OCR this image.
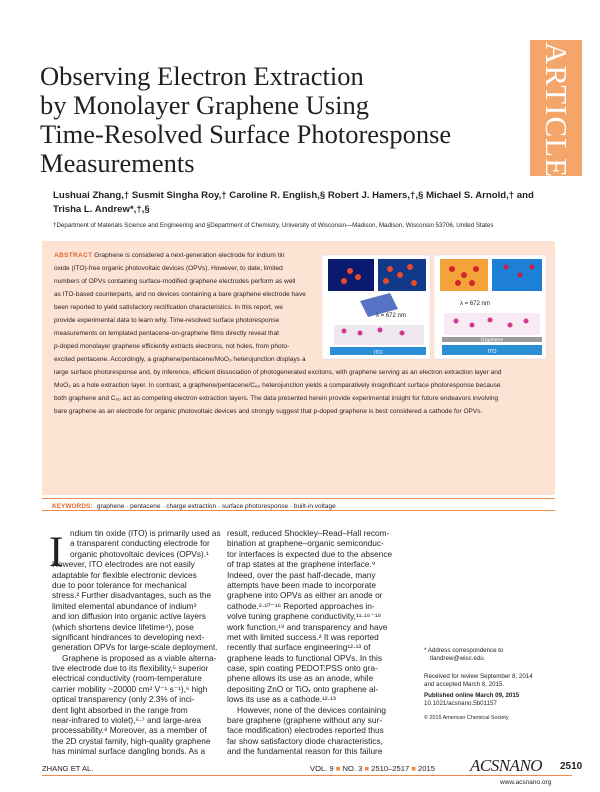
ARTICLE
Observing Electron Extraction
by Monolayer Graphene Using
Time-Resolved Surface Photoresponse
Measurements
Lushuai Zhang,† Susmit Singha Roy,† Caroline R. English,§ Robert J. Hamers,†,§ Michael S. Arnold,† and
Trisha L. Andrew*,†,§
†Department of Materials Science and Engineering and §Department of Chemistry, University of Wisconsin—Madison, Madison, Wisconsin 53706, United States
ABSTRACT Graphene is considered a next-generation electrode for indium tin
oxide (ITO)-free organic photovoltaic devices (OPVs). However, to date, limited
numbers of OPVs containing surface-modified graphene electrodes perform as well
as ITO-based counterparts, and no devices containing a bare graphene electrode have
been reported to yield satisfactory rectification characteristics. In this report, we
provide experimental data to learn why. Time-resolved surface photoresponse
measurements on templated pentacene-on-graphene films directly reveal that
p-doped monolayer graphene efficiently extracts electrons, not holes, from photo-
excited pentacene. Accordingly, a graphene/pentacene/MoO₃ heterojunction displays a
large surface photoresponse and, by inference, efficient dissociation of photogenerated excitons, with graphene serving as an electron extraction layer and
MoO₃ as a hole extraction layer. In contrast, a graphene/pentacene/C₆₀ heterojunction yields a comparatively insignificant surface photoresponse because
both graphene and C₆₀ act as competing electron extraction layers. The data presented herein provide experimental insight for future endeavors involving
bare graphene as an electrode for organic photovoltaic devices and strongly suggest that p-doped graphene is best considered a cathode for OPVs.
λ = 672 nm
ITO
λ = 672 nm
Graphene
ITO
KEYWORDS: graphene · pentacene · charge extraction · surface photoresponse · built-in voltage
I ndium tin oxide (ITO) is primarily used as
a transparent conducting electrode for
organic photovoltaic devices (OPVs).¹
However, ITO electrodes are not easily
adaptable for flexible electronic devices
due to poor tolerance for mechanical
stress.² Further disadvantages, such as the
limited elemental abundance of indium³
and ion diffusion into organic active layers
(which shortens device lifetime⁴), pose
significant hindrances to developing next-
generation OPVs for large-scale deployment.
Graphene is proposed as a viable alterna-
tive electrode due to its flexibility,⁵ superior
electrical conductivity (room-temperature
carrier mobility ~20000 cm² V⁻¹ s⁻¹),⁶ high
optical transparency (only 2.3% of inci-
dent light absorbed in the range from
near-infrared to violet),⁵·⁷ and large-area
processability.⁸ Moreover, as a member of
the 2D crystal family, high-quality graphene
has minimal surface dangling bonds. As a
result, reduced Shockley–Read–Hall recom-
bination at graphene–organic semiconduc-
tor interfaces is expected due to the absence
of trap states at the graphene interface.⁹
Indeed, over the past half-decade, many
attempts have been made to incorporate
graphene into OPVs as either an anode or
cathode.²·¹⁰⁻¹⁶ Reported approaches in-
volve tuning graphene conductivity,¹¹·¹⁶⁻¹⁸
work function,¹⁹ and transparency and have
met with limited success.² It was reported
recently that surface engineering¹²·¹³ of
graphene leads to functional OPVs. In this
case, spin coating PEDOT:PSS onto gra-
phene allows its use as an anode, while
depositing ZnO or TiOₓ onto graphene al-
lows its use as a cathode.¹²·¹³
However, none of the devices containing
bare graphene (graphene without any sur-
face modification) electrodes reported thus
far show satisfactory diode characteristics,
and the fundamental reason for this failure
* Address correspondence to
tlandrew@wisc.edu.
Received for review September 8, 2014
and accepted March 8, 2015.
Published online March 09, 2015
10.1021/acsnano.5b01157
© 2015 American Chemical Society
ZHANG ET AL.	VOL. 9 ■ NO. 3 ■ 2510–2517 ■ 2015 ACSNANO 2510
www.acsnano.org
